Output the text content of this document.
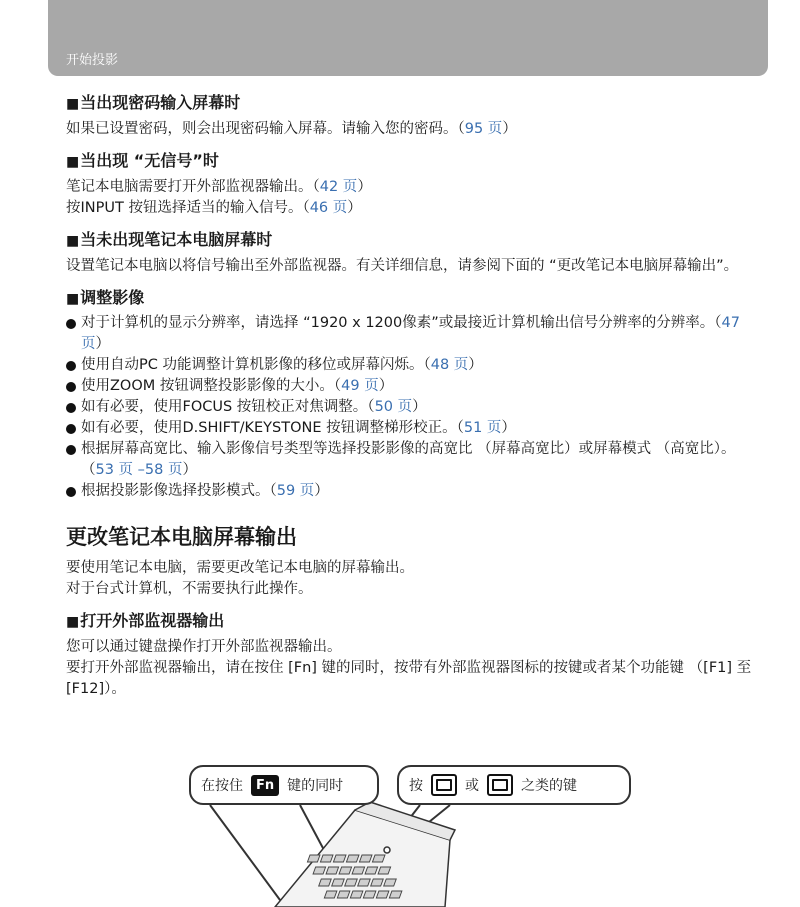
开始投影

■当出现密码输入屏幕时

如果已设置密码，则会出现密码输入屏幕。请输入您的密码。（95 页）

■当出现 “无信号”时

笔记本电脑需要打开外部监视器输出。（42 页）

按INPUT 按钮选择适当的输入信号。（46 页）

■当未出现笔记本电脑屏幕时

设置笔记本电脑以将信号输出至外部监视器。有关详细信息，请参阅下面的 “更改笔记本电脑屏幕输出”。

■调整影像

对于计算机的显示分辨率，请选择 “1920 x 1200像素”或最接近计算机输出信号分辨率的分辨率。（47 页）
使用自动PC 功能调整计算机影像的移位或屏幕闪烁。（48 页）
使用ZOOM 按钮调整投影影像的大小。（49 页）
如有必要，使用FOCUS 按钮校正对焦调整。（50 页）
如有必要，使用D.SHIFT/KEYSTONE 按钮调整梯形校正。（51 页）
根据屏幕高宽比、输入影像信号类型等选择投影影像的高宽比 （屏幕高宽比）或屏幕模式 （高宽比）。（53 页 –58 页）
根据投影影像选择投影模式。（59 页）

更改笔记本电脑屏幕输出

要使用笔记本电脑，需要更改笔记本电脑的屏幕输出。

对于台式计算机，不需要执行此操作。

■打开外部监视器输出

您可以通过键盘操作打开外部监视器输出。

要打开外部监视器输出，请在按住 [Fn] 键的同时，按带有外部监视器图标的按键或者某个功能键 （[F1] 至 [F12]）。

在按住	Fn 键的同时	按	或	之类的键
